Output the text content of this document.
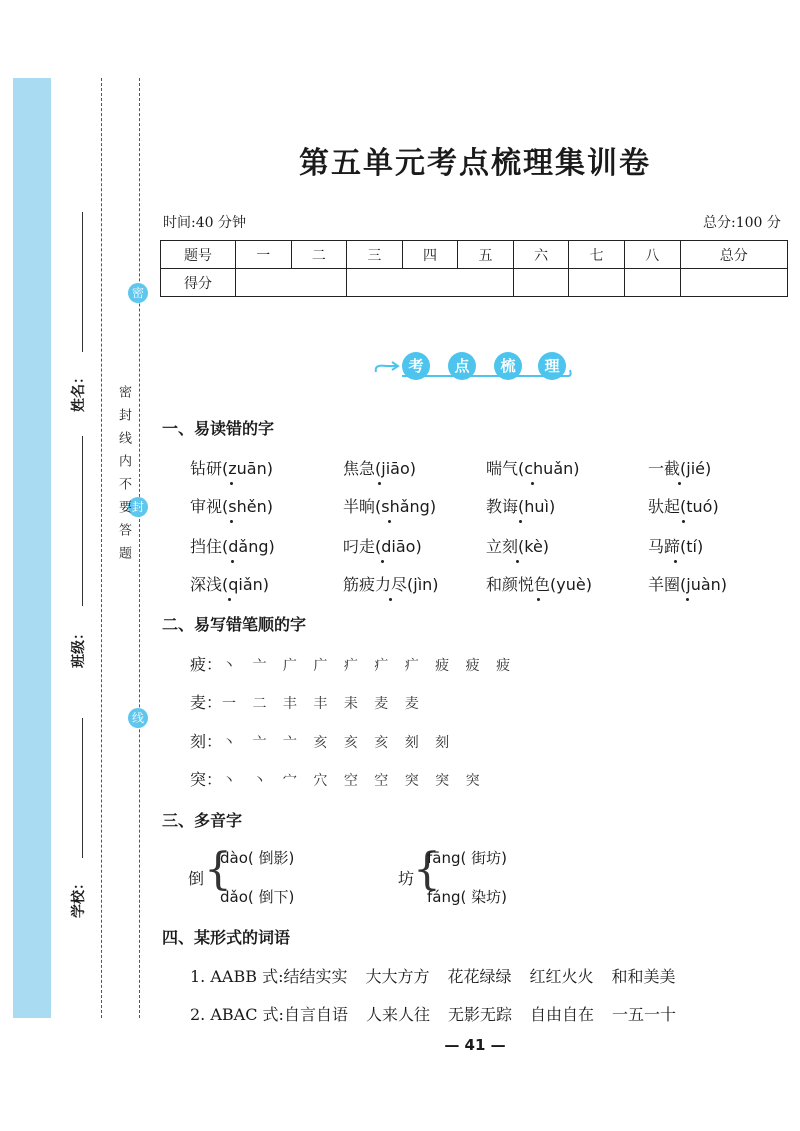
姓名：
班级：
学校：
密
封
线
密封线内不要答题
第五单元考点梳理集训卷
时间:40 分钟	总分:100 分
题号	一	二	三	四	五	六	七	八	总分
得分									
考	点	梳	理
一、易读错的字
钻研(zuān)	焦急(jiāo)	喘气(chuǎn)	一截(jié)
审视(shěn)	半晌(shǎng)	教诲(huì)	驮起(tuó)
挡住(dǎng)	叼走(diāo)	立刻(kè)	马蹄(tí)
深浅(qiǎn)	筋疲力尽(jìn)	和颜悦色(yuè)	羊圈(juàn)
二、易写错笔顺的字
疲：丶 亠 广 广 疒 疒 疒 疲 疲 疲
麦：一 二 丰 丰 耒 麦 麦
刻：丶 亠 亠 亥 亥 亥 刻 刻
突：丶 丶 宀 穴 空 空 突 突 突
三、多音字
倒 {
dào( 倒影)
dǎo( 倒下)
坊
{
fāng( 街坊)
fáng( 染坊)
四、某形式的词语
1. AABB 式:结结实实 大大方方 花花绿绿 红红火火 和和美美
2. ABAC 式:自言自语 人来人往 无影无踪 自由自在 一五一十
— 41 —
